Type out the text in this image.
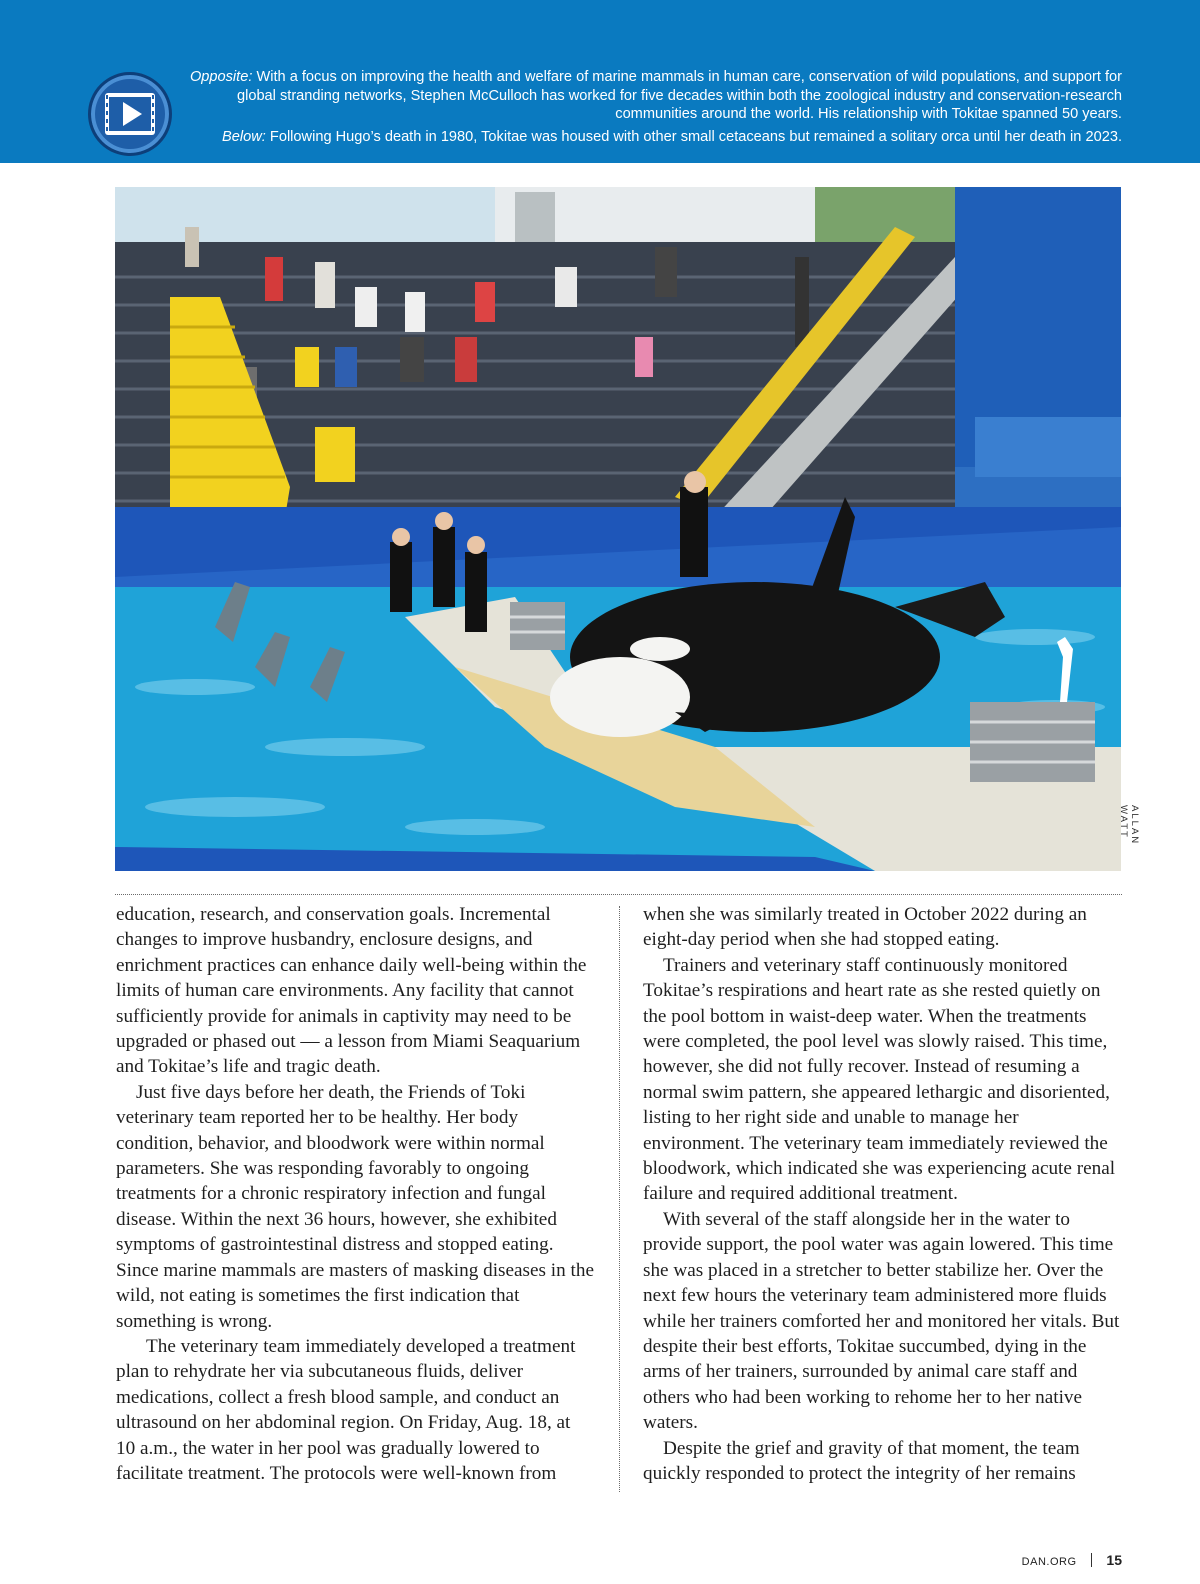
Opposite: With a focus on improving the health and welfare of marine mammals in human care, conservation of wild populations, and support for global stranding networks, Stephen McCulloch has worked for five decades within both the zoological industry and conservation-research communities around the world. His relationship with Tokitae spanned 50 years.

Below: Following Hugo’s death in 1980, Tokitae was housed with other small cetaceans but remained a solitary orca until her death in 2023.

ALLAN WATT

education, research, and conservation goals. Incremental changes to improve husbandry, enclosure designs, and enrichment practices can enhance daily well-being within the limits of human care environments. Any facility that cannot sufficiently provide for animals in captivity may need to be upgraded or phased out — a lesson from Miami Seaquarium and Tokitae’s life and tragic death.

Just five days before her death, the Friends of Toki veterinary team reported her to be healthy. Her body condition, behavior, and bloodwork were within normal parameters. She was responding favorably to ongoing treatments for a chronic respiratory infection and fungal disease. Within the next 36 hours, however, she exhibited symptoms of gastrointestinal distress and stopped eating. Since marine mammals are masters of masking diseases in the wild, not eating is sometimes the first indication that something is wrong.

The veterinary team immediately developed a treatment plan to rehydrate her via subcutaneous fluids, deliver medications, collect a fresh blood sample, and conduct an ultrasound on her abdominal region. On Friday, Aug. 18, at 10 a.m., the water in her pool was gradually lowered to facilitate treatment. The protocols were well-known from

when she was similarly treated in October 2022 during an eight-day period when she had stopped eating.

Trainers and veterinary staff continuously monitored Tokitae’s respirations and heart rate as she rested quietly on the pool bottom in waist-deep water. When the treatments were completed, the pool level was slowly raised. This time, however, she did not fully recover. Instead of resuming a normal swim pattern, she appeared lethargic and disoriented, listing to her right side and unable to manage her environment. The veterinary team immediately reviewed the bloodwork, which indicated she was experiencing acute renal failure and required additional treatment.

With several of the staff alongside her in the water to provide support, the pool water was again lowered. This time she was placed in a stretcher to better stabilize her. Over the next few hours the veterinary team administered more fluids while her trainers comforted her and monitored her vitals. But despite their best efforts, Tokitae succumbed, dying in the arms of her trainers, surrounded by animal care staff and others who had been working to rehome her to her native waters.

Despite the grief and gravity of that moment, the team quickly responded to protect the integrity of her remains

DAN.ORG 15
